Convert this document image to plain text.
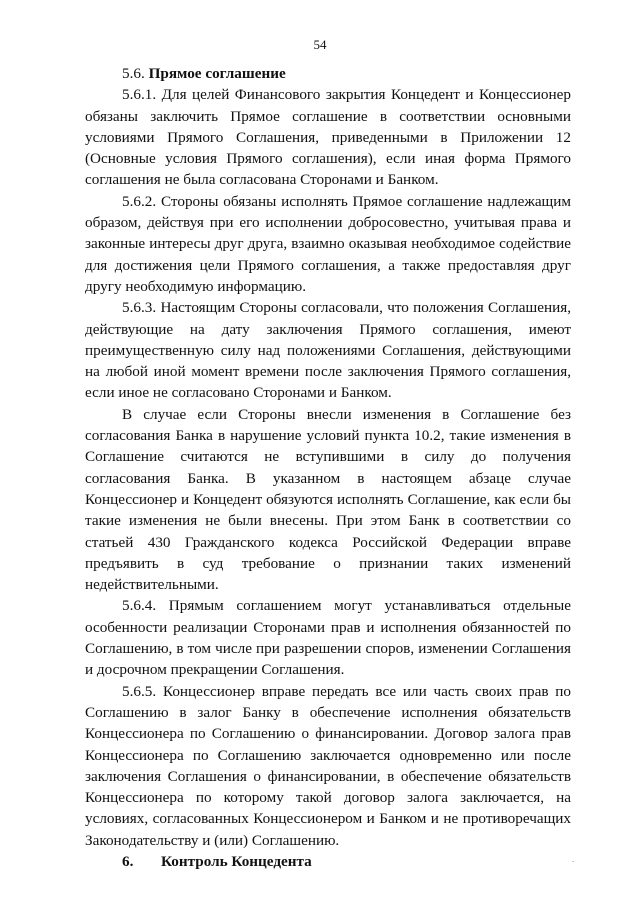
54
5.6. Прямое соглашение

5.6.1. Для целей Финансового закрытия Концедент и Концессионер обязаны заключить Прямое соглашение в соответствии основными условиями Прямого Соглашения, приведенными в Приложении 12 (Основные условия Прямого соглашения), если иная форма Прямого соглашения не была согласована Сторонами и Банком.

5.6.2. Стороны обязаны исполнять Прямое соглашение надлежащим образом, действуя при его исполнении добросовестно, учитывая права и законные интересы друг друга, взаимно оказывая необходимое содействие для достижения цели Прямого соглашения, а также предоставляя друг другу необходимую информацию.

5.6.3. Настоящим Стороны согласовали, что положения Соглашения, действующие на дату заключения Прямого соглашения, имеют преимущественную силу над положениями Соглашения, действующими на любой иной момент времени после заключения Прямого соглашения, если иное не согласовано Сторонами и Банком.

В случае если Стороны внесли изменения в Соглашение без согласования Банка в нарушение условий пункта 10.2, такие изменения в Соглашение считаются не вступившими в силу до получения согласования Банка. В указанном в настоящем абзаце случае Концессионер и Концедент обязуются исполнять Соглашение, как если бы такие изменения не были внесены. При этом Банк в соответствии со статьей 430 Гражданского кодекса Российской Федерации вправе предъявить в суд требование о признании таких изменений недействительными.

5.6.4. Прямым соглашением могут устанавливаться отдельные особенности реализации Сторонами прав и исполнения обязанностей по Соглашению, в том числе при разрешении споров, изменении Соглашения и досрочном прекращении Соглашения.

5.6.5. Концессионер вправе передать все или часть своих прав по Соглашению в залог Банку в обеспечение исполнения обязательств Концессионера по Соглашению о финансировании. Договор залога прав Концессионера по Соглашению заключается одновременно или после заключения Соглашения о финансировании, в обеспечение обязательств Концессионера по которому такой договор залога заключается, на условиях, согласованных Концессионером и Банком и не противоречащих Законодательству и (или) Соглашению.

6. Контроль Концедента	.
